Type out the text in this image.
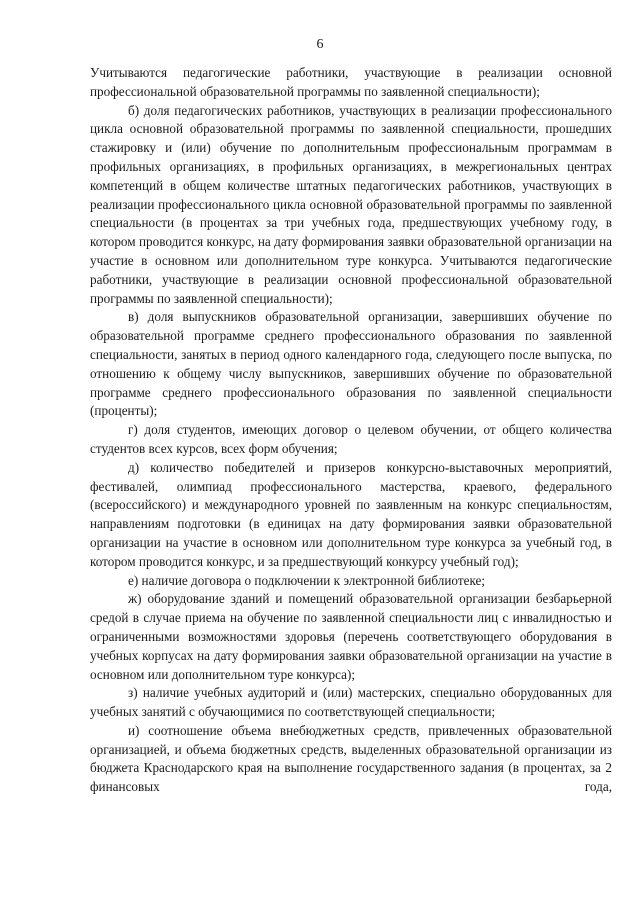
6

Учитываются педагогические работники, участвующие в реализации основной профессиональной образовательной программы по заявленной специальности);

б) доля педагогических работников, участвующих в реализации профессионального цикла основной образовательной программы по заявленной специальности, прошедших стажировку и (или) обучение по дополнительным профессиональным программам в профильных организациях, в профильных организациях, в межрегиональных центрах компетенций в общем количестве штатных педагогических работников, участвующих в реализации профессионального цикла основной образовательной программы по заявленной специальности (в процентах за три учебных года, предшествующих учебному году, в котором проводится конкурс, на дату формирования заявки образовательной организации на участие в основном или дополнительном туре конкурса. Учитываются педагогические работники, участвующие в реализации основной профессиональной образовательной программы по заявленной специальности);

в) доля выпускников образовательной организации, завершивших обучение по образовательной программе среднего профессионального образования по заявленной специальности, занятых в период одного календарного года, следующего после выпуска, по отношению к общему числу выпускников, завершивших обучение по образовательной программе среднего профессионального образования по заявленной специальности (проценты);

г) доля студентов, имеющих договор о целевом обучении, от общего количества студентов всех курсов, всех форм обучения;

д) количество победителей и призеров конкурсно-выставочных мероприятий, фестивалей, олимпиад профессионального мастерства, краевого, федерального (всероссийского) и международного уровней по заявленным на конкурс специальностям, направлениям подготовки (в единицах на дату формирования заявки образовательной организации на участие в основном или дополнительном туре конкурса за учебный год, в котором проводится конкурс, и за предшествующий конкурсу учебный год);

е) наличие договора о подключении к электронной библиотеке;

ж) оборудование зданий и помещений образовательной организации безбарьерной средой в случае приема на обучение по заявленной специальности лиц с инвалидностью и ограниченными возможностями здоровья (перечень соответствующего оборудования в учебных корпусах на дату формирования заявки образовательной организации на участие в основном или дополнительном туре конкурса);

з) наличие учебных аудиторий и (или) мастерских, специально оборудованных для учебных занятий с обучающимися по соответствующей специальности;

и) соотношение объема внебюджетных средств, привлеченных образовательной организацией, и объема бюджетных средств, выделенных образовательной организации из бюджета Краснодарского края на выполнение государственного задания (в процентах, за 2 финансовых года,
